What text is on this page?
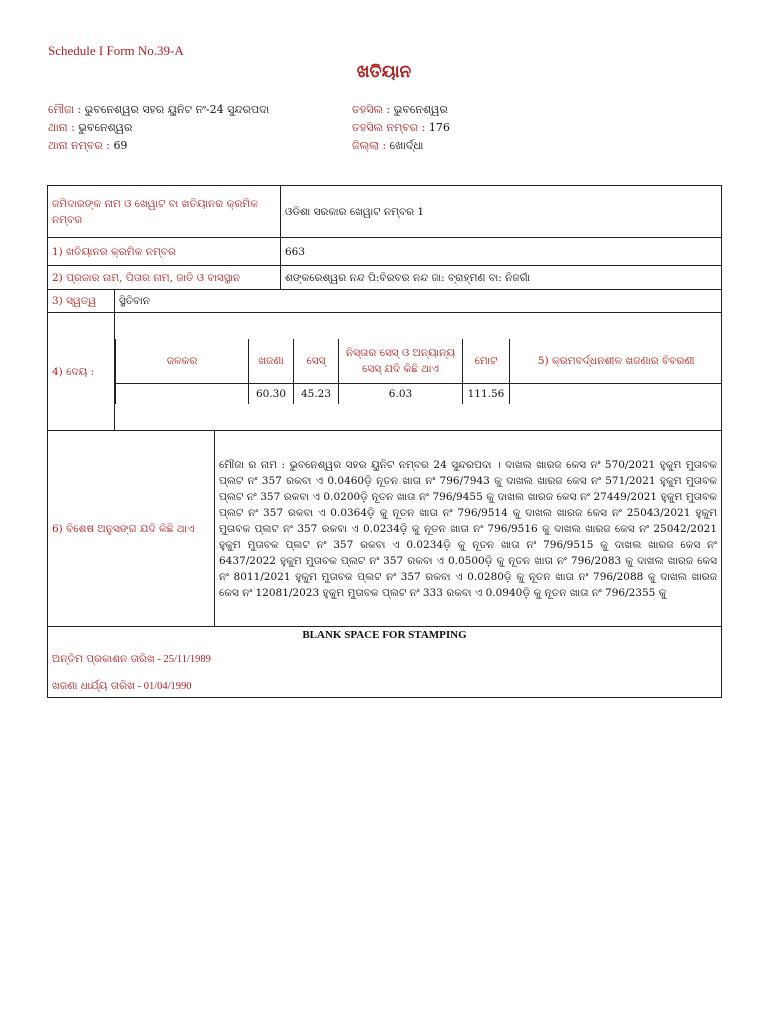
Schedule I Form No.39-A
ଖତିୟାନ
ମୌଜା : ଭୁବନେଶ୍ୱର ସହର ୟୁନିଟ ନଂ-24 ସୁନ୍ଦରପଦା
ଥାନା : ଭୁବନେଶ୍ୱର
ଥାନା ନମ୍ବର : 69
ତହସିଲ : ଭୁବନେଶ୍ୱର
ତହସିଲ ନମ୍ବର : 176
ଜିଲ୍ଲା : ଖୋର୍ଦ୍ଧା
ଜମିଦାରଙ୍କ ନାମ ଓ ଖେୱାଟ ବା ଖତିୟାନର କ୍ରମିକ ନମ୍ବର	ଓଡିଶା ସରକାର ଖେୱାଟ ନମ୍ବର 1
1) ଖତିୟାନର କ୍ରମିକ ନମ୍ବର	663
2) ପ୍ରଜାର ନାମ, ପିତାର ନାମ, ଜାତି ଓ ବାସସ୍ଥାନ	ଶଙ୍କରେଶ୍ୱର ନନ୍ଦ ପି:ବିରବର ନନ୍ଦ ଜା: ବ୍ରାହ୍ମଣ ବା: ନିଜଗାଁ
3) ସ୍ୱତ୍ୱ	ସ୍ଥିତିବାନ
4) ଦେୟ :	
ଜଳକର	ଖଜଣା	ସେସ୍	ନିସ୍ତାର ସେସ୍ ଓ ଅନ୍ୟାନ୍ୟ ସେସ୍ ଯଦି କିଛି ଥାଏ	ମୋଟ	5) କ୍ରମବର୍ଦ୍ଧନଶୀଳ ଖଜଣାର ବିବରଣୀ
	60.30	45.23	6.03	111.56	

6) ବିଶେଷ ଅନୁସଙ୍ଗ ଯଦି କିଛି ଥାଏ	ମୌଜା ର ନାମ : ଭୁବନେଶ୍ୱର ସହର ୟୁନିଟ ନମ୍ବର 24 ସୁନ୍ଦରପଦା । ଦାଖଲ ଖାରଜ କେସ ନଂ 570/2021 ହୁକୁମ ମୁତାବକ ପ୍ଲଟ ନଂ 357 ରକବା ଏ 0.0460ଡ଼ି ନୂତନ ଖାତା ନଂ 796/7943 କୁ ଦାଖଲ ଖାରଜ କେସ ନଂ 571/2021 ହୁକୁମ ମୁତାବକ ପ୍ଲଟ ନଂ 357 ରକବା ଏ 0.0200ଡ଼ି ନୂତନ ଖାତା ନଂ 796/9455 କୁ ଦାଖଲ ଖାରଜ କେସ ନଂ 27449/2021 ହୁକୁମ ମୁତାବକ ପ୍ଲଟ ନଂ 357 ରକବା ଏ 0.0364ଡ଼ି କୁ ନୂତନ ଖାତା ନଂ 796/9514 କୁ ଦାଖଲ ଖାରଜ କେସ ନଂ 25043/2021 ହୁକୁମ ମୁତାବକ ପ୍ଲଟ ନଂ 357 ରକବା ଏ 0.0234ଡ଼ି କୁ ନୂତନ ଖାତା ନଂ 796/9516 କୁ ଦାଖଲ ଖାରଜ କେସ ନଂ 25042/2021 ହୁକୁମ ମୁତାବକ ପ୍ଲଟ ନଂ 357 ରକବା ଏ 0.0234ଡ଼ି କୁ ନୂତନ ଖାତା ନଂ 796/9515 କୁ ଦାଖଲ ଖାରଜ କେସ ନଂ 6437/2022 ହୁକୁମ ମୁତାବକ ପ୍ଲଟ ନଂ 357 ରକବା ଏ 0.0500ଡ଼ି କୁ ନୂତନ ଖାତା ନଂ 796/2083 କୁ ଦାଖଲ ଖାରଜ କେସ ନଂ 8011/2021 ହୁକୁମ ମୁତାବକ ପ୍ଲଟ ନଂ 357 ରକବା ଏ 0.0280ଡ଼ି କୁ ନୂତନ ଖାତା ନଂ 796/2088 କୁ ଦାଖଲ ଖାରଜ କେସ ନଂ 12081/2023 ହୁକୁମ ମୁତାବକ ପ୍ଲଟ ନଂ 333 ରକବା ଏ 0.0940ଡ଼ି କୁ ନୂତନ ଖାତା ନଂ 796/2355 କୁ

BLANK SPACE FOR STAMPING
ଅନ୍ତିମ ପ୍ରକାଶନ ତାରିଖ - 25/11/1989
ଖଜଣା ଧାର୍ଯ୍ୟ ତାରିଖ - 01/04/1990
